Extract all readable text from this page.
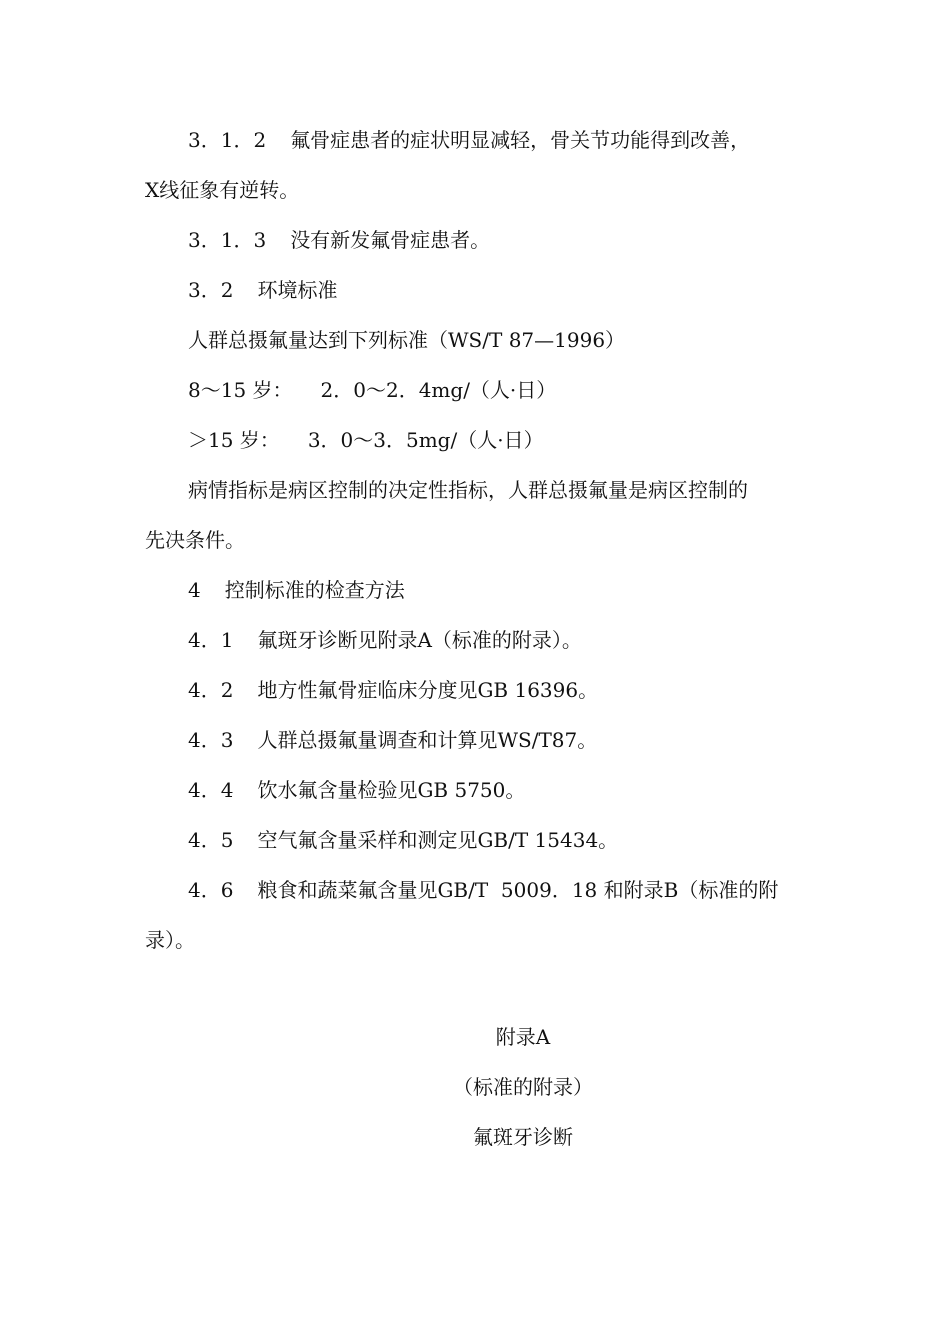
3．1．2 氟骨症患者的症状明显减轻，骨关节功能得到改善，
X线征象有逆转。
3．1．3 没有新发氟骨症患者。
3．2 环境标准
人群总摄氟量达到下列标准（WS/T 87—1996）
8～15 岁： 2．0～2．4mg/（人·日）
＞15 岁： 3．0～3．5mg/（人·日）
病情指标是病区控制的决定性指标，人群总摄氟量是病区控制的
先决条件。
4 控制标准的检查方法
4．1 氟斑牙诊断见附录A（标准的附录）。
4．2 地方性氟骨症临床分度见GB 16396。
4．3 人群总摄氟量调查和计算见WS/T87。
4．4 饮水氟含量检验见GB 5750。
4．5 空气氟含量采样和测定见GB/T 15434。
4．6 粮食和蔬菜氟含量见GB/T  5009．18 和附录B（标准的附
录）。
附录A
（标准的附录）
氟斑牙诊断
